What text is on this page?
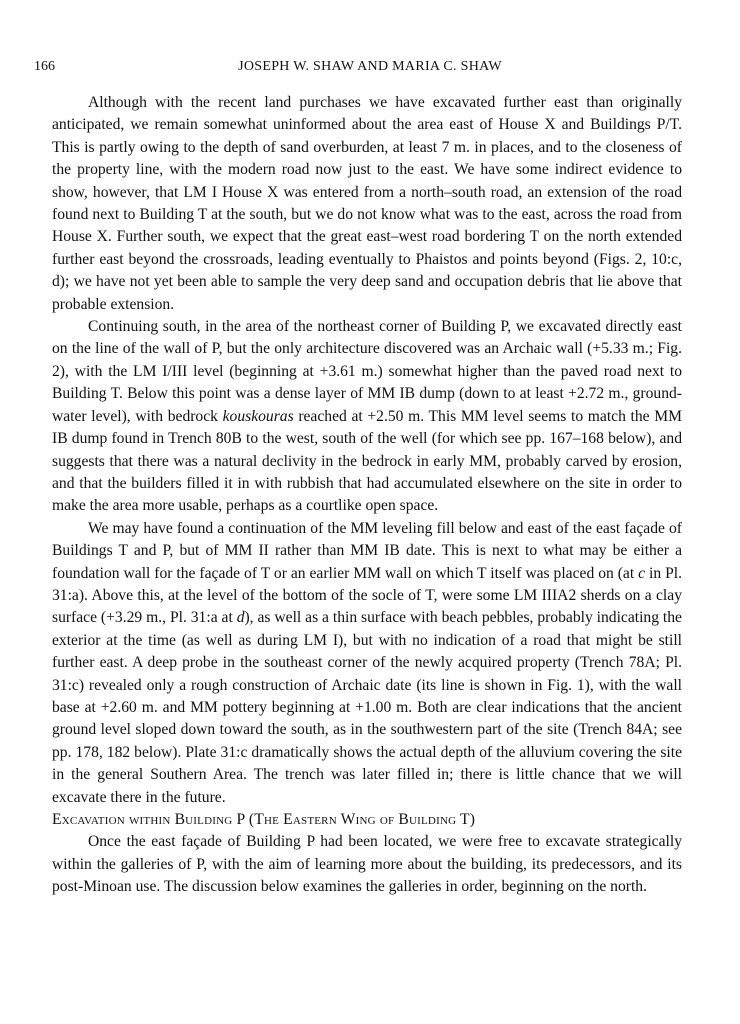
166	JOSEPH W. SHAW AND MARIA C. SHAW

Although with the recent land purchases we have excavated further east than originally anticipated, we remain somewhat uninformed about the area east of House X and Buildings P/T. This is partly owing to the depth of sand overburden, at least 7 m. in places, and to the closeness of the property line, with the modern road now just to the east. We have some indirect evidence to show, however, that LM I House X was entered from a north–south road, an extension of the road found next to Building T at the south, but we do not know what was to the east, across the road from House X. Further south, we expect that the great east–west road bordering T on the north extended further east beyond the crossroads, leading eventually to Phaistos and points beyond (Figs. 2, 10:c, d); we have not yet been able to sample the very deep sand and occupation debris that lie above that probable extension.

Continuing south, in the area of the northeast corner of Building P, we excavated directly east on the line of the wall of P, but the only architecture discovered was an Archaic wall (+5.33 m.; Fig. 2), with the LM I/III level (beginning at +3.61 m.) somewhat higher than the paved road next to Building T. Below this point was a dense layer of MM IB dump (down to at least +2.72 m., ground-water level), with bedrock kouskouras reached at +2.50 m. This MM level seems to match the MM IB dump found in Trench 80B to the west, south of the well (for which see pp. 167–168 below), and suggests that there was a natural declivity in the bedrock in early MM, probably carved by erosion, and that the builders filled it in with rubbish that had accumulated elsewhere on the site in order to make the area more usable, perhaps as a courtlike open space.

We may have found a continuation of the MM leveling fill below and east of the east façade of Buildings T and P, but of MM II rather than MM IB date. This is next to what may be either a foundation wall for the façade of T or an earlier MM wall on which T itself was placed on (at c in Pl. 31:a). Above this, at the level of the bottom of the socle of T, were some LM IIIA2 sherds on a clay surface (+3.29 m., Pl. 31:a at d), as well as a thin surface with beach pebbles, probably indicating the exterior at the time (as well as during LM I), but with no indication of a road that might be still further east. A deep probe in the southeast corner of the newly acquired property (Trench 78A; Pl. 31:c) revealed only a rough construction of Archaic date (its line is shown in Fig. 1), with the wall base at +2.60 m. and MM pottery beginning at +1.00 m. Both are clear indications that the ancient ground level sloped down toward the south, as in the southwestern part of the site (Trench 84A; see pp. 178, 182 below). Plate 31:c dramatically shows the actual depth of the alluvium covering the site in the general Southern Area. The trench was later filled in; there is little chance that we will excavate there in the future.

Excavation within Building P (The Eastern Wing of Building T)

Once the east façade of Building P had been located, we were free to excavate strategically within the galleries of P, with the aim of learning more about the building, its predecessors, and its post-Minoan use. The discussion below examines the galleries in order, beginning on the north.
